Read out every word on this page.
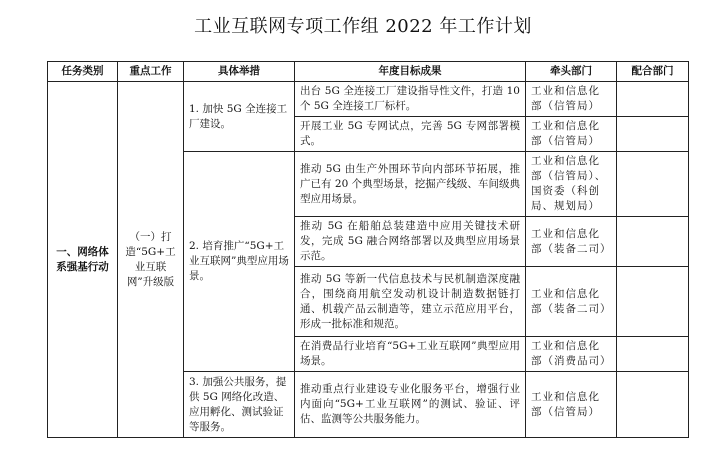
工业互联网专项工作组 2022 年工作计划
任务类别	重点工作	具体举措	年度目标成果	牵头部门	配合部门
一、网络体系强基行动	（一）打造“5G+工业互联网”升级版	1. 加快 5G 全连接工厂建设。	出台 5G 全连接工厂建设指导性文件，打造 10 个 5G 全连接工厂标杆。	工业和信息化部（信管局）	
			开展工业 5G 专网试点，完善 5G 专网部署模式。	工业和信息化部（信管局）	
		2. 培育推广“5G+工业互联网”典型应用场景。	推动 5G 由生产外围环节向内部环节拓展，推广已有 20 个典型场景，挖掘产线级、车间级典型应用场景。	工业和信息化部（信管局）、国资委（科创局、规划局）	
			推动 5G 在船舶总装建造中应用关键技术研发，完成 5G 融合网络部署以及典型应用场景示范。	工业和信息化部（装备二司）	
			推动 5G 等新一代信息技术与民机制造深度融合，围绕商用航空发动机设计制造数据链打通、机载产品云制造等，建立示范应用平台，形成一批标准和规范。	工业和信息化部（装备二司）	
			在消费品行业培育“5G+工业互联网”典型应用场景。	工业和信息化部（消费品司）	
		3. 加强公共服务，提供 5G 网络化改造、应用孵化、测试验证等服务。	推动重点行业建设专业化服务平台，增强行业内面向“5G+工业互联网”的测试、验证、评估、监测等公共服务能力。	工业和信息化部（信管局）	
